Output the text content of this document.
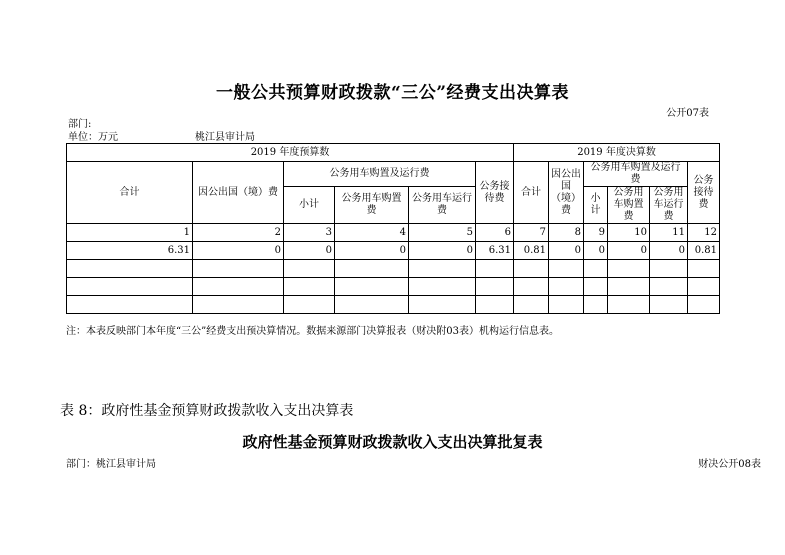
一般公共预算财政拨款“三公”经费支出决算表
公开07表
部门:
单位：万元	桃江县审计局
2019 年度预算数						2019 年度决算数					
合计	因公出国（境）费	公务用车购置及运行费			公务接待费	合计	因公出国（境）费	公务用车购置及运行费			公务接待费
		小计	公务用车购置费	公务用车运行费				小计	公务用车购置费	公务用车运行费	
1	2	3	4	5	6	7	8	9	10	11	12
6.31	0	0	0	0	6.31	0.81	0	0	0	0	0.81

注：本表反映部门本年度“三公”经费支出预决算情况。数据来源部门决算报表（财决附03表）机构运行信息表。
表 8：政府性基金预算财政拨款收入支出决算表
政府性基金预算财政拨款收入支出决算批复表
部门：桃江县审计局	财决公开08表
